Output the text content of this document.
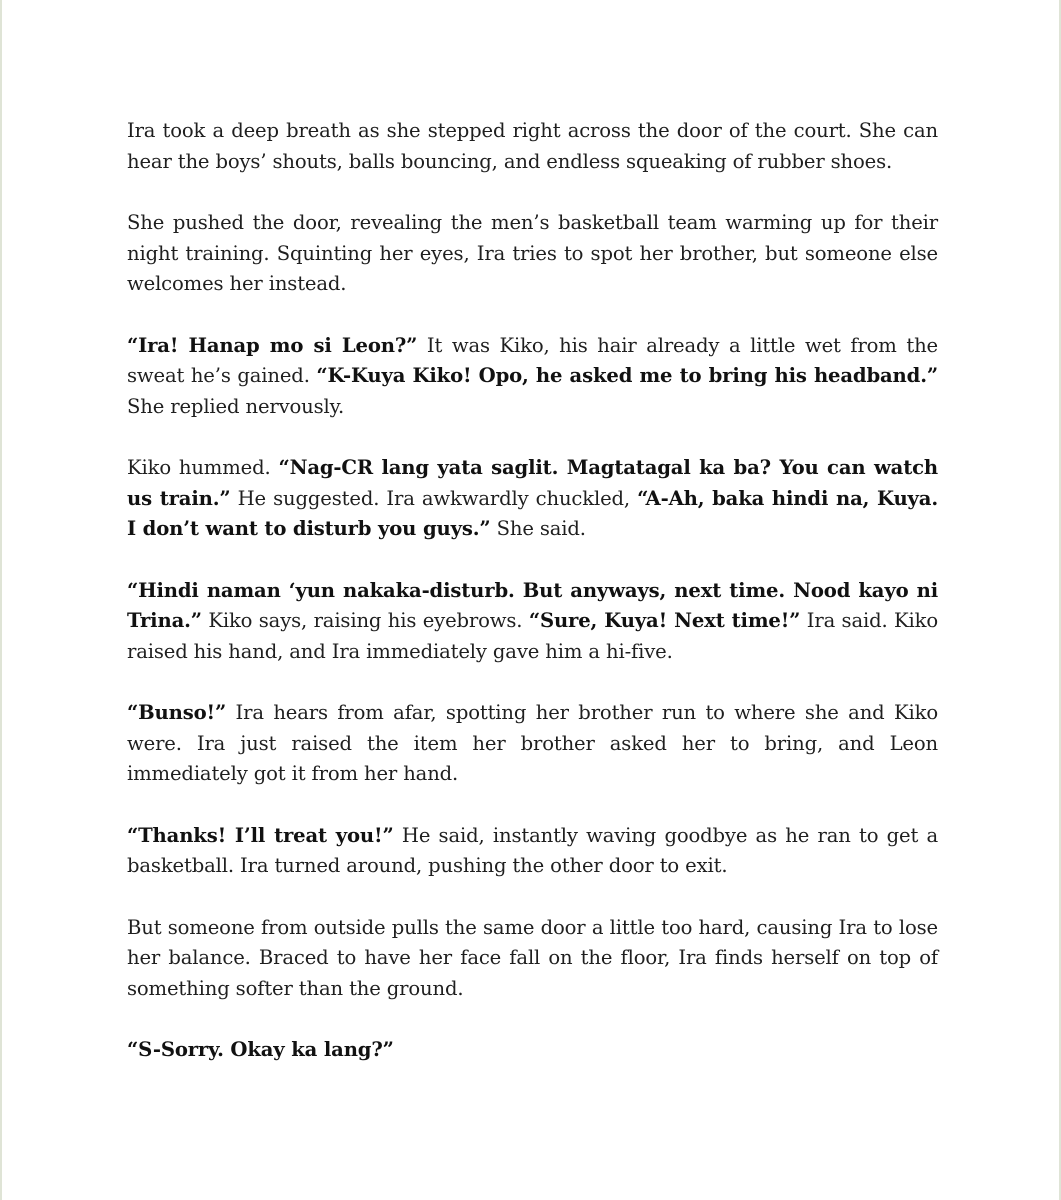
Ira took a deep breath as she stepped right across the door of the court. She can hear the boys’ shouts, balls bouncing, and endless squeaking of rubber shoes.

She pushed the door, revealing the men’s basketball team warming up for their night training. Squinting her eyes, Ira tries to spot her brother, but someone else welcomes her instead.

“Ira! Hanap mo si Leon?” It was Kiko, his hair already a little wet from the sweat he’s gained. “K-Kuya Kiko! Opo, he asked me to bring his headband.” She replied nervously.

Kiko hummed. “Nag-CR lang yata saglit. Magtatagal ka ba? You can watch us train.” He suggested. Ira awkwardly chuckled, “A-Ah, baka hindi na, Kuya. I don’t want to disturb you guys.” She said.

“Hindi naman ‘yun nakaka-disturb. But anyways, next time. Nood kayo ni Trina.” Kiko says, raising his eyebrows. “Sure, Kuya! Next time!” Ira said. Kiko raised his hand, and Ira immediately gave him a hi-five.

“Bunso!” Ira hears from afar, spotting her brother run to where she and Kiko were. Ira just raised the item her brother asked her to bring, and Leon immediately got it from her hand.

“Thanks! I’ll treat you!” He said, instantly waving goodbye as he ran to get a basketball. Ira turned around, pushing the other door to exit.

But someone from outside pulls the same door a little too hard, causing Ira to lose her balance. Braced to have her face fall on the floor, Ira finds herself on top of something softer than the ground.

“S-Sorry. Okay ka lang?”
